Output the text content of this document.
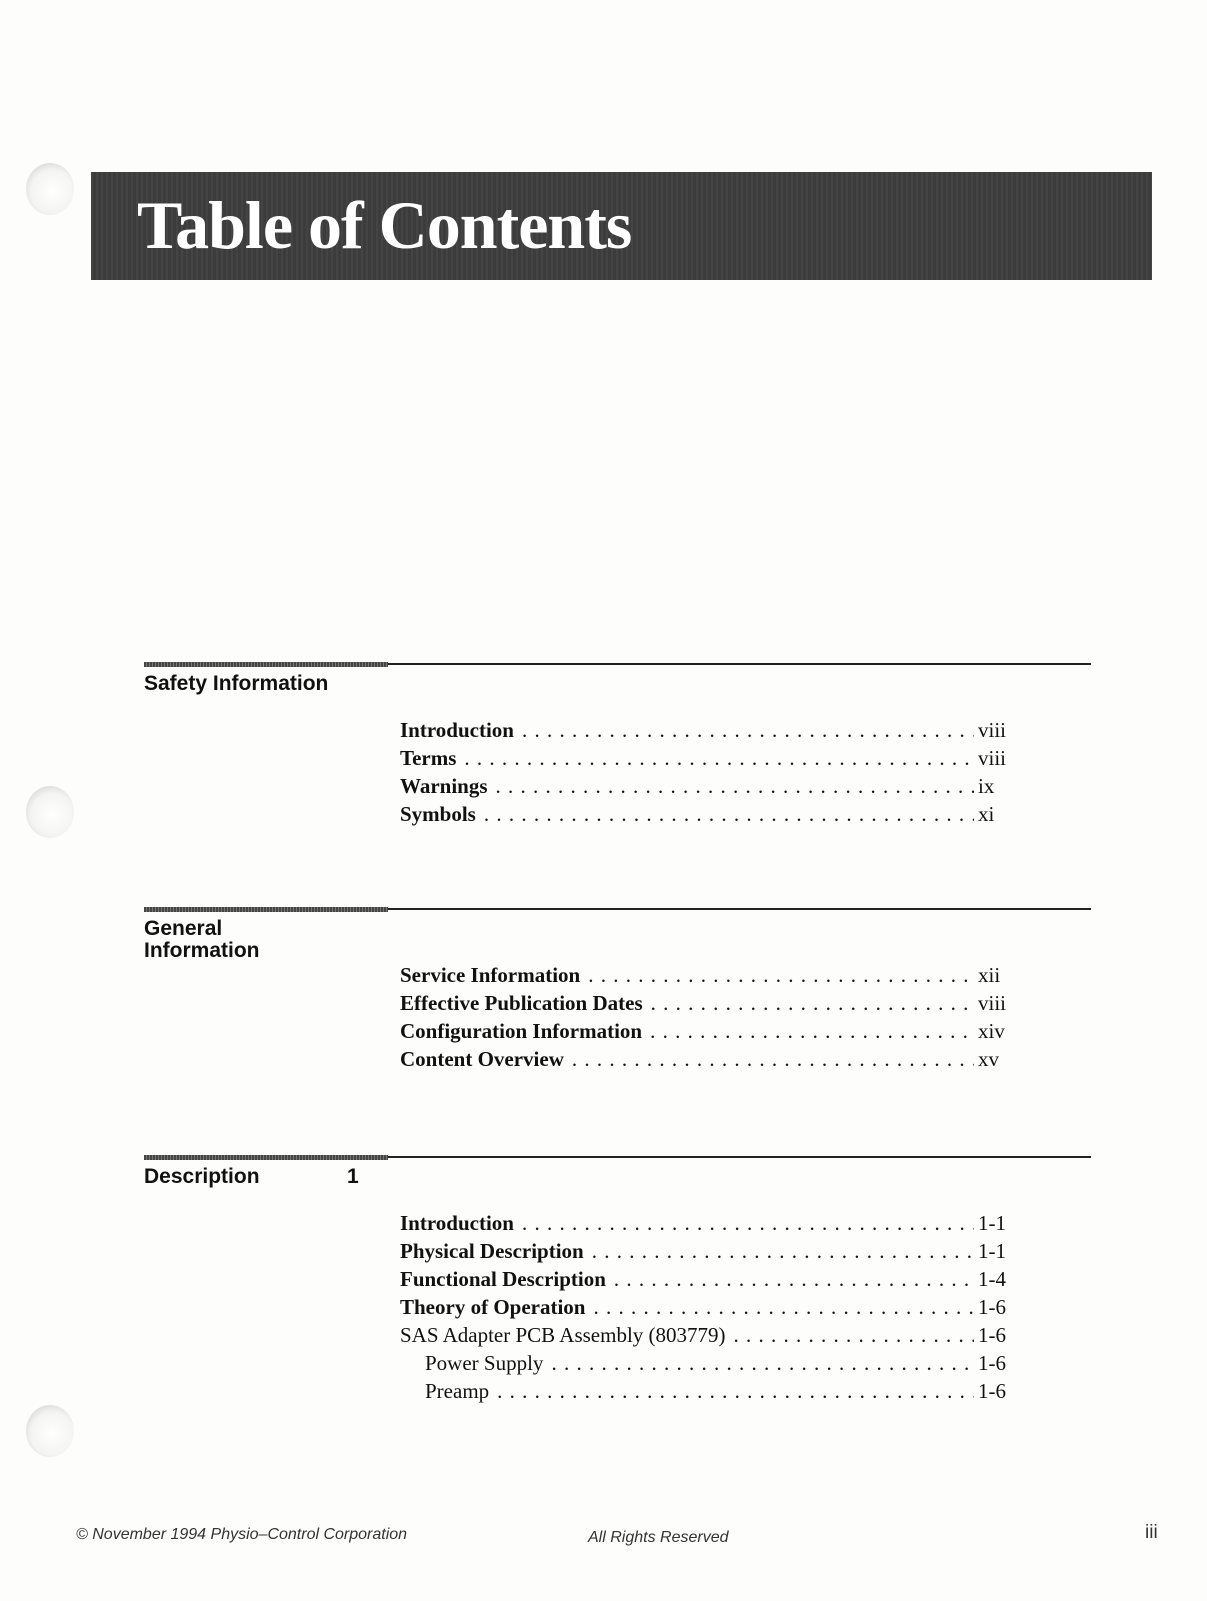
Table of Contents
Safety Information
Introduction . . .	viii
Terms . . .	viii
Warnings . . .	ix
Symbols . . .	xi
General Information
Service Information . . .	xii
Effective Publication Dates . . .	viii
Configuration Information . . .	xiv
Content Overview . . .	xv
Description	1
Introduction . . .	1-1
Physical Description . . .	1-1
Functional Description . . .	1-4
Theory of Operation . . .	1-6
SAS Adapter PCB Assembly (803779) . . .	1-6
Power Supply . . .	1-6
Preamp . . .	1-6
© November 1994 Physio–Control Corporation	All Rights Reserved	iii
